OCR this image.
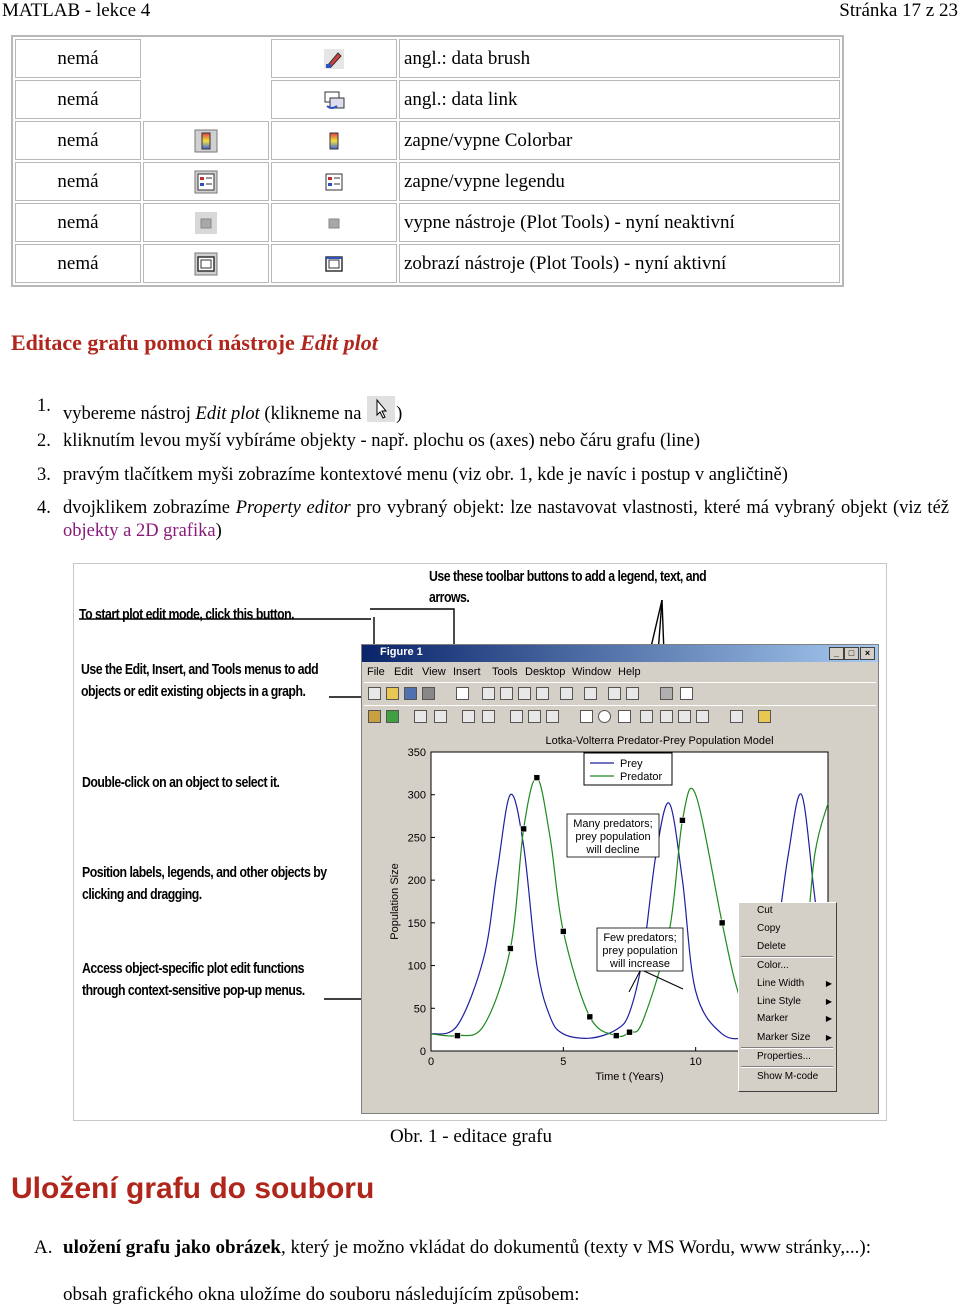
MATLAB - lekce 4	Stránka 17 z 23
nemá			angl.: data brush
nemá			angl.: data link
nemá			zapne/vypne Colorbar
nemá			zapne/vypne legendu
nemá			vypne nástroje (Plot Tools) - nyní neaktivní
nemá			zobrazí nástroje (Plot Tools) - nyní aktivní
Editace grafu pomocí nástroje Edit plot
1. vybereme nástroj Edit plot (klikneme na )
2. kliknutím levou myší vybíráme objekty - např. plochu os (axes) nebo čáru grafu (line)
3. pravým tlačítkem myši zobrazíme kontextové menu (viz obr. 1, kde je navíc i postup v angličtině)
4. dvojklikem zobrazíme Property editor pro vybraný objekt: lze nastavovat vlastnosti, které má vybraný objekt (viz též objekty a 2D grafika)
To start plot edit mode, click this button.
Use these toolbar buttons to add a legend, text, and
arrows.
Use the Edit, Insert, and Tools menus to add
objects or edit existing objects in a graph.
Double-click on an object to select it.
Position labels, legends, and other objects by
clicking and dragging.
Access object-specific plot edit functions
through context-sensitive pop-up menus.
Figure 1	_	□	×
File Edit View Insert Tools Desktop Window Help
0
50
100
150
200
250
300
350
0	5	10
Lotka-Volterra Predator-Prey Population Model
Time t (Years)
Population Size
Prey
Predator
Many predators;
prey population
will decline
Few predators;
prey population
will increase
Cut
Copy
Delete
Color...
Line Width	▶
Line Style	▶
Marker	▶
Marker Size ▶
Properties...
Show M-code
Obr. 1 - editace grafu
Uložení grafu do souboru
A. uložení grafu jako obrázek, který je možno vkládat do dokumentů (texty v MS Wordu, www stránky,...):
obsah grafického okna uložíme do souboru následujícím způsobem:
